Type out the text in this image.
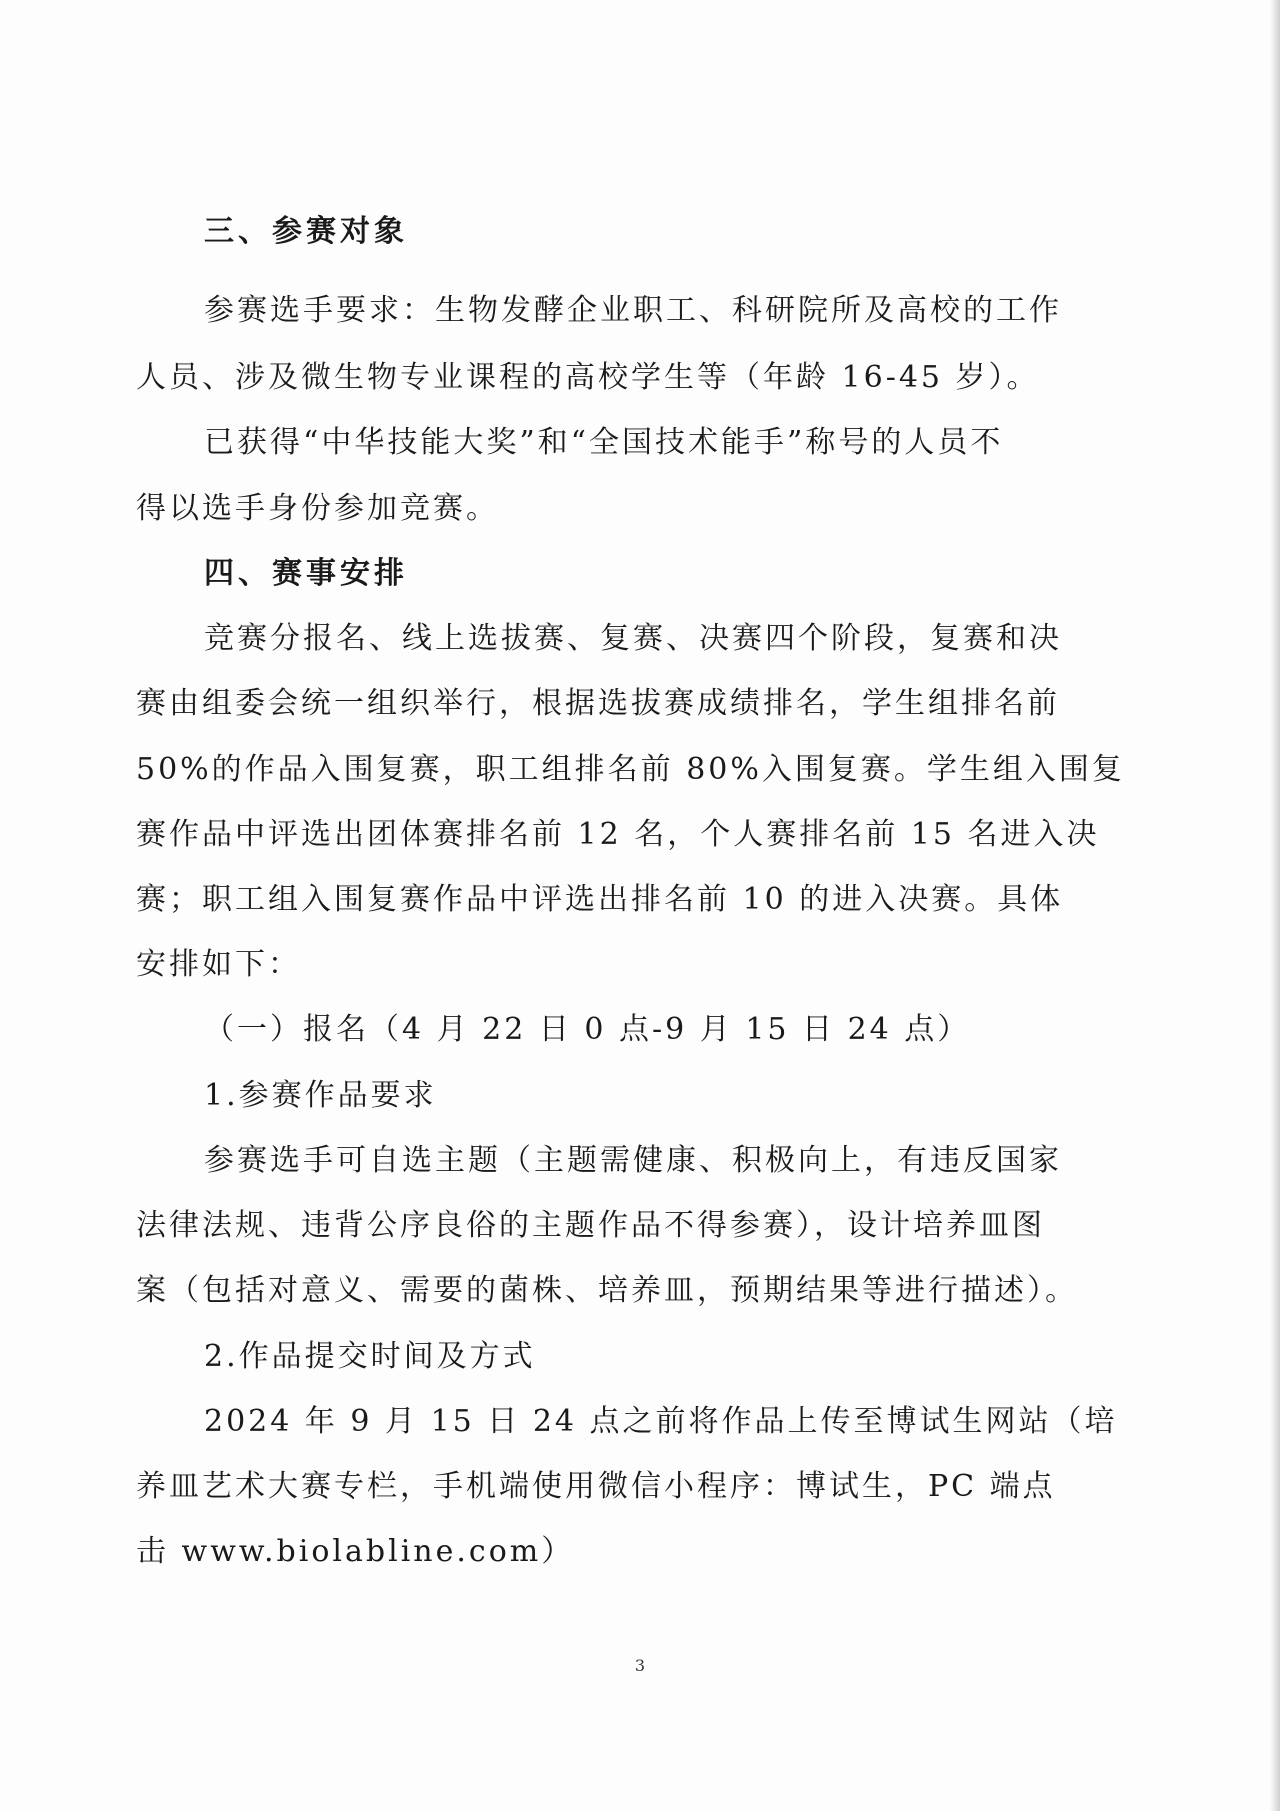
三、参赛对象
参赛选手要求：生物发酵企业职工、科研院所及高校的工作
人员、涉及微生物专业课程的高校学生等（年龄 16-45 岁）。
已获得“中华技能大奖”和“全国技术能手”称号的人员不
得以选手身份参加竞赛。
四、赛事安排
竞赛分报名、线上选拔赛、复赛、决赛四个阶段，复赛和决
赛由组委会统一组织举行，根据选拔赛成绩排名，学生组排名前
50%的作品入围复赛，职工组排名前 80%入围复赛。学生组入围复
赛作品中评选出团体赛排名前 12 名，个人赛排名前 15 名进入决
赛；职工组入围复赛作品中评选出排名前 10 的进入决赛。具体
安排如下：
（一）报名（4 月 22 日 0 点-9 月 15 日 24 点）
1.参赛作品要求
参赛选手可自选主题（主题需健康、积极向上，有违反国家
法律法规、违背公序良俗的主题作品不得参赛），设计培养皿图
案（包括对意义、需要的菌株、培养皿，预期结果等进行描述）。
2.作品提交时间及方式
2024 年 9 月 15 日 24 点之前将作品上传至博试生网站（培
养皿艺术大赛专栏，手机端使用微信小程序：博试生，PC 端点
击 www.biolabline.com）
3
